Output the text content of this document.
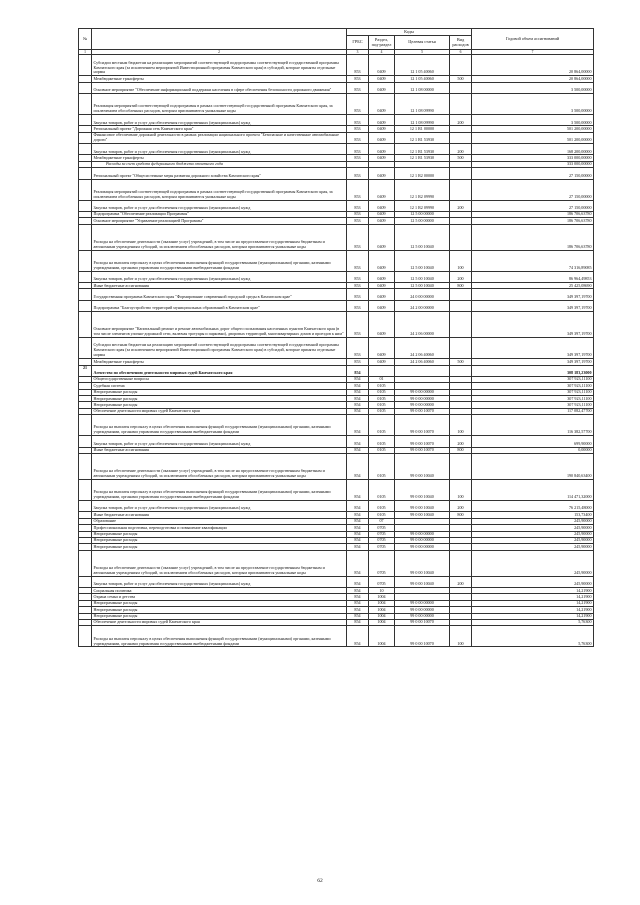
№		Коды				Годовой объем ассигнований
		ГРБС	Раздел, под-раздел	Целевая статья	Вид расходов	
1	2	3	4	5	6	7
	Субсидии местным бюджетам на реализацию мероприятий соответствующей подпрограммы соответствующей государственной программы Камчатского края (за исключением мероприятий Инвестиционной программы Камчатского края) в субсидий, которые приняты отдельные нормы	853	0409	12 1 05 40060		20 864,00000
	Межбюджетные трансферты	853	0409	12 1 05 40060	500	20 864,00000
	Основное мероприятие "Обеспечение информационной поддержки населения в сфере обеспечения безопасности дорожного движения"	853	0409	12 1 08 00000		3 500,00000
	Реализация мероприятий соответствующей подпрограммы в рамках соответствующей государственной программы Камчатского края, за исключением обособленных расходов, которым присваиваются уникальные коды	853	0409	12 1 08 09990		3 500,00000
	Закупка товаров, работ и услуг для обеспечения государственных (муниципальных) нужд	853	0409	12 1 08 09990	200	3 500,00000
	Региональный проект "Дорожная сеть Камчатского края"	853	0409	12 1 R1 00000		501 200,00000
	Финансовое обеспечение дорожной деятельности в рамках реализации национального проекта "Безопасные и качественные автомобильные дороги"	853	0409	12 1 R1 53930		501 200,00000
	Закупка товаров, работ и услуг для обеспечения государственных (муниципальных) нужд	853	0409	12 1 R1 53930	200	168 200,00000
	Межбюджетные трансферты	853	0409	12 1 R1 53930	500	333 000,00000
	Расходы за счет средств федерального бюджета отчетного года					333 000,00000
	Региональный проект "Общесистемные меры развития дорожного хозяйства Камчатского края"	853	0409	12 1 R2 00000		27 150,00000
	Реализация мероприятий соответствующей подпрограммы в рамках соответствующей государственной программы Камчатского края, за исключением обособленных расходов, которым присваиваются уникальные коды	853	0409	12 1 R2 09990		27 150,00000
	Закупка товаров, работ и услуг для обеспечения государственных (муниципальных) нужд	853	0409	12 1 R2 09990	200	27 150,00000
	Подпрограмма "Обеспечение реализации Программы"	853	0409	12 5 00 00000		186 706,63780
	Основное мероприятие "Управление реализацией Программы"	853	0409	12 5 00 00000		186 706,63780
	Расходы на обеспечение деятельности (оказание услуг) учреждений, в том числе на предоставление государственным бюджетным и автономным учреждениям субсидий, за исключением обособленных расходов, которым присваиваются уникальные коды	853	0409	12 5 00 10040		186 706,63780
	Расходы на выплаты персоналу в целях обеспечения выполнения функций государственными (муниципальными) органами, казенными учреждениями, органами управления государственными внебюджетными фондами	853	0409	12 5 00 10040	100	74 316,89085
	Закупка товаров, работ и услуг для обеспечения государственных (муниципальных) нужд	853	0409	12 5 00 10040	200	86 964,49853
	Иные бюджетные ассигнования	853	0409	12 5 00 10040	800	25 425,08690
	Государственная программа Камчатского края "Формирование современной городской среды в Камчатском крае"	853	0409	24 0 00 00000		349 397,19700
	Подпрограмма "Благоустройство территорий муниципальных образований в Камчатском крае"	853	0409	24 2 00 00000		349 397,19700
	Основное мероприятие "Капитальный ремонт и ремонт автомобильных дорог общего пользования населенных пунктов Камчатского края (в том числе элементов улично-дорожной сети, включая тротуары и парковки), дворовых территорий, многоквартирных домов и проездов к ним"	853	0409	24 2 06 00000		349 397,19700
	Субсидии местным бюджетам на реализацию мероприятий соответствующей подпрограммы соответствующей государственной программы Камчатского края (за исключением мероприятий Инвестиционной программы Камчатского края) в субсидий, которые приняты отдельные нормы	853	0409	24 2 06 40060		349 397,19700
	Межбюджетные трансферты	853	0409	24 2 06 40060	500	349 397,19700
21	Агентство по обеспечению деятельности мировых судей Камчатского края	854				308 183,23000
	Общегосударственные вопросы	854	01			307 923,11100
	Судебная система	854	0105			307 923,11100
	Непрограммные расходы	854	0105	99 0 00 00000		307 923,11100
	Непрограммные расходы	854	0105	99 0 00 00000		307 923,11100
	Непрограммные расходы	854	0105	99 0 00 00000		307 923,11100
	Обеспечение деятельности мировых судей Камчатского края	854	0105	99 0 00 10070		117 082,47700
	Расходы на выплаты персоналу в целях обеспечения выполнения функций государственными (муниципальными) органами, казенными учреждениями, органами управления государственными внебюджетными фондами	854	0105	99 0 00 10070	100	116 382,57700
	Закупка товаров, работ и услуг для обеспечения государственных (муниципальных) нужд	854	0105	99 0 00 10070	200	699,90000
	Иные бюджетные ассигнования	854	0105	99 0 00 10070	800	0,00000
	Расходы на обеспечение деятельности (оказание услуг) учреждений, в том числе на предоставление государственным бюджетным и автономным учреждениям субсидий, за исключением обособленных расходов, которым присваиваются уникальные коды	854	0105	99 0 00 10040		190 840,63400
	Расходы на выплаты персоналу в целях обеспечения выполнения функций государственными (муниципальными) органами, казенными учреждениями, органами управления государственными внебюджетными фондами	854	0105	99 0 00 10040	100	114 471,32000
	Закупка товаров, работ и услуг для обеспечения государственных (муниципальных) нужд	854	0105	99 0 00 10040	200	76 215,48000
	Иные бюджетные ассигнования	854	0105	99 0 00 10040	800	153,73400
	Образование	854	07			245,90000
	Профессиональная подготовка, переподготовка и повышение квалификации	854	0705			245,90000
	Непрограммные расходы	854	0705	99 0 00 00000		245,90000
	Непрограммные расходы	854	0705	99 0 00 00000		245,90000
	Непрограммные расходы	854	0705	99 0 00 00000		245,90000
	Расходы на обеспечение деятельности (оказание услуг) учреждений, в том числе на предоставление государственным бюджетным и автономным учреждениям субсидий, за исключением обособленных расходов, которым присваиваются уникальные коды	854	0705	99 0 00 10040		245,90000
	Закупка товаров, работ и услуг для обеспечения государственных (муниципальных) нужд	854	0705	99 0 00 10040	200	245,90000
	Социальная политика	854	10			14,21900
	Охрана семьи и детства	854	1004			14,21900
	Непрограммные расходы	854	1004	99 0 00 00000		14,21900
	Непрограммные расходы	854	1004	99 0 00 00000		14,21900
	Непрограммные расходы	854	1004	99 0 00 00000		14,21900
	Обеспечение деятельности мировых судей Камчатского края	854	1004	99 0 00 10070		5,76300
	Расходы на выплаты персоналу в целях обеспечения выполнения функций государственными (муниципальными) органами, казенными учреждениями, органами управления государственными внебюджетными фондами	854	1004	99 0 00 10070	100	5,76300
62
